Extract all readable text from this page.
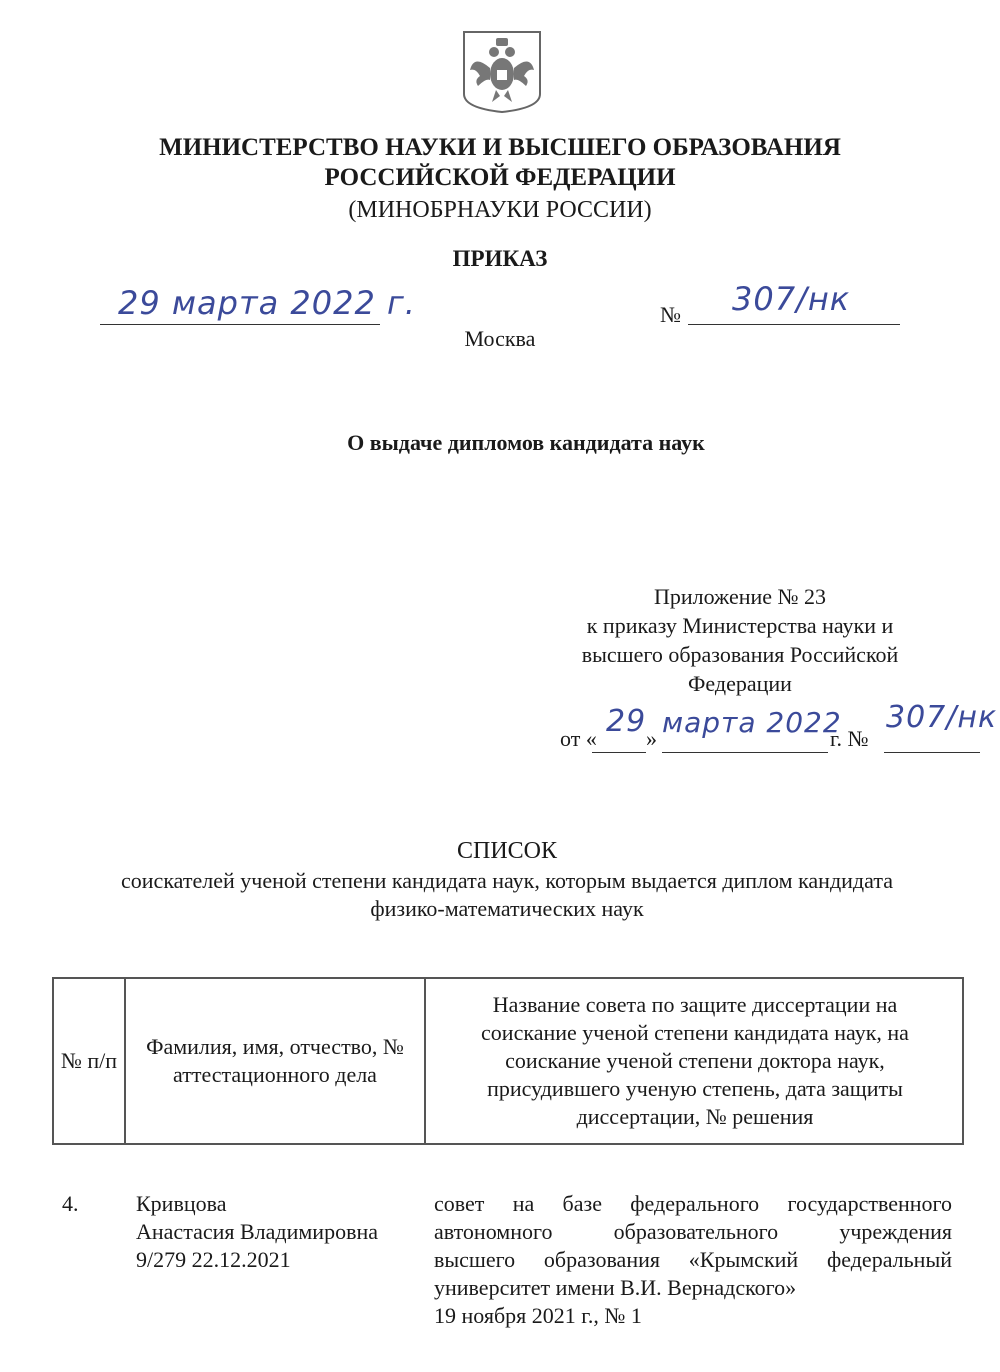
МИНИСТЕРСТВО НАУКИ И ВЫСШЕГО ОБРАЗОВАНИЯ
РОССИЙСКОЙ ФЕДЕРАЦИИ
(МИНОБРНАУКИ РОССИИ)
ПРИКАЗ
29 марта 2022 г.	№ 307/нк
Москва
О выдаче дипломов кандидата наук
Приложение № 23
к приказу Министерства науки и
высшего образования Российской
Федерации
от « 29 » марта 2022
г. №
307/нк
СПИСОК
соискателей ученой степени кандидата наук, которым выдается диплом кандидата
физико-математических наук
№ п/п
Фамилия, имя, отчество, № аттестационного дела
Название совета по защите диссертации на соискание ученой степени кандидата наук, на соискание ученой степени доктора наук, присудившего ученую степень, дата защиты диссертации, № решения
4.	Кривцова
Анастасия Владимировна
9/279 22.12.2021
совет на базе федерального государственного
автономного образовательного учреждения
высшего образования «Крымский федеральный
университет имени В.И. Вернадского»
19 ноября 2021 г., № 1
